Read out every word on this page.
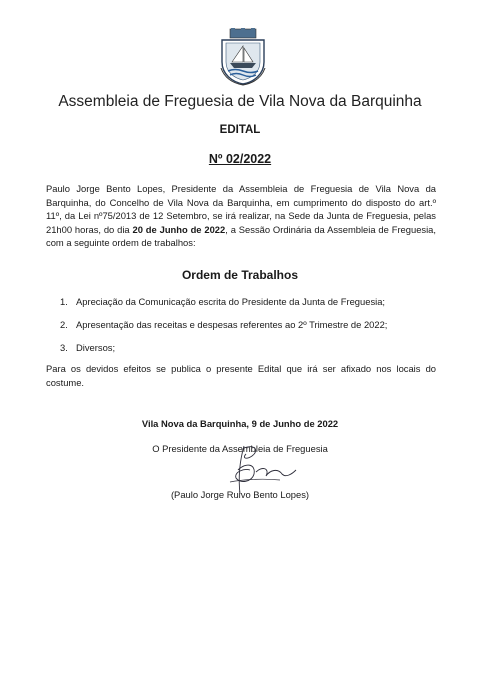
Assembleia de Freguesia de Vila Nova da Barquinha
EDITAL
Nº 02/2022
Paulo Jorge Bento Lopes, Presidente da Assembleia de Freguesia de Vila Nova da Barquinha, do Concelho de Vila Nova da Barquinha, em cumprimento do disposto do art.º 11º, da Lei nº75/2013 de 12 Setembro, se irá realizar, na Sede da Junta de Freguesia, pelas 21h00 horas, do dia 20 de Junho de 2022, a Sessão Ordinária da Assembleia de Freguesia, com a seguinte ordem de trabalhos:
Ordem de Trabalhos
1. Apreciação da Comunicação escrita do Presidente da Junta de Freguesia;
2. Apresentação das receitas e despesas referentes ao 2º Trimestre de 2022;
3. Diversos;
Para os devidos efeitos se publica o presente Edital que irá ser afixado nos locais do costume.
Vila Nova da Barquinha, 9 de Junho de 2022
O Presidente da Assembleia de Freguesia
(Paulo Jorge Ruivo Bento Lopes)
